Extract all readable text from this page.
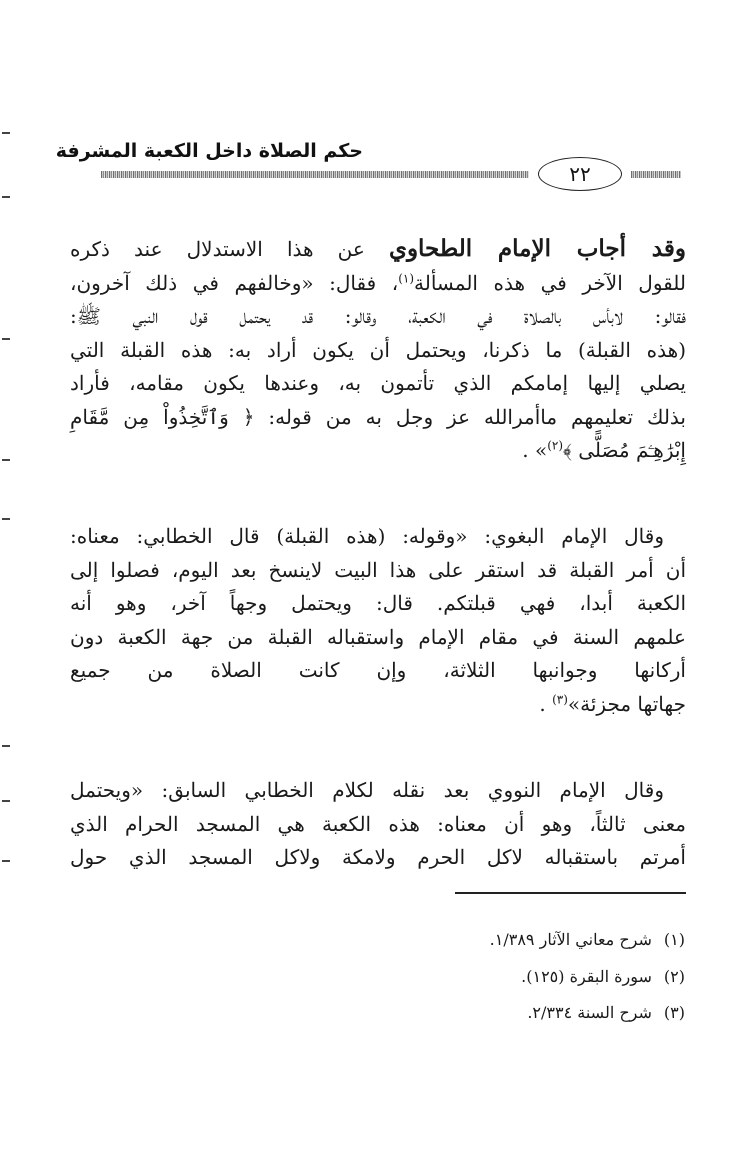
حكم الصلاة داخل الكعبة المشرفة
٢٢
وقد أجاب الإمام الطحاوي عن هذا الاستدلال عند ذكره
للقول الآخر في هذه المسألة$^{(١)}$، فقال: «وخالفهم في ذلك آخرون،
فقالو: لابأس بالصلاة في الكعبة، وقالو: قد يحتمل قول النبي ﷺ:
(هذه القبلة) ما ذكرنا، ويحتمل أن يكون أراد به: هذه القبلة التي
يصلي إليها إمامكم الذي تأتمون به، وعندها يكون مقامه، فأراد
بذلك تعليمهم ماأمرالله عز وجل به من قوله: ﴿ وَٱتَّخِذُواْ مِن مَّقَامِ
إِبْرَٰهِـۧمَ مُصَلًّى ﴾$^{(٢)}$» .
وقال الإمام البغوي: «وقوله: (هذه القبلة) قال الخطابي: معناه:
أن أمر القبلة قد استقر على هذا البيت لاينسخ بعد اليوم، فصلوا إلى
الكعبة أبدا، فهي قبلتكم. قال: ويحتمل وجهاً آخر، وهو أنه
علمهم السنة في مقام الإمام واستقباله القبلة من جهة الكعبة دون
أركانها وجوانبها الثلاثة، وإن كانت الصلاة من جميع
جهاتها مجزئة»$^{(٣)}$ .
وقال الإمام النووي بعد نقله لكلام الخطابي السابق: «ويحتمل
معنى ثالثاً، وهو أن معناه: هذه الكعبة هي المسجد الحرام الذي
أمرتم باستقباله لاكل الحرم ولامكة ولاكل المسجد الذي حول
(١)شرح معاني الآثار ١/٣٨٩.
(٢)سورة البقرة (١٢٥).
(٣)شرح السنة ٢/٣٣٤.
